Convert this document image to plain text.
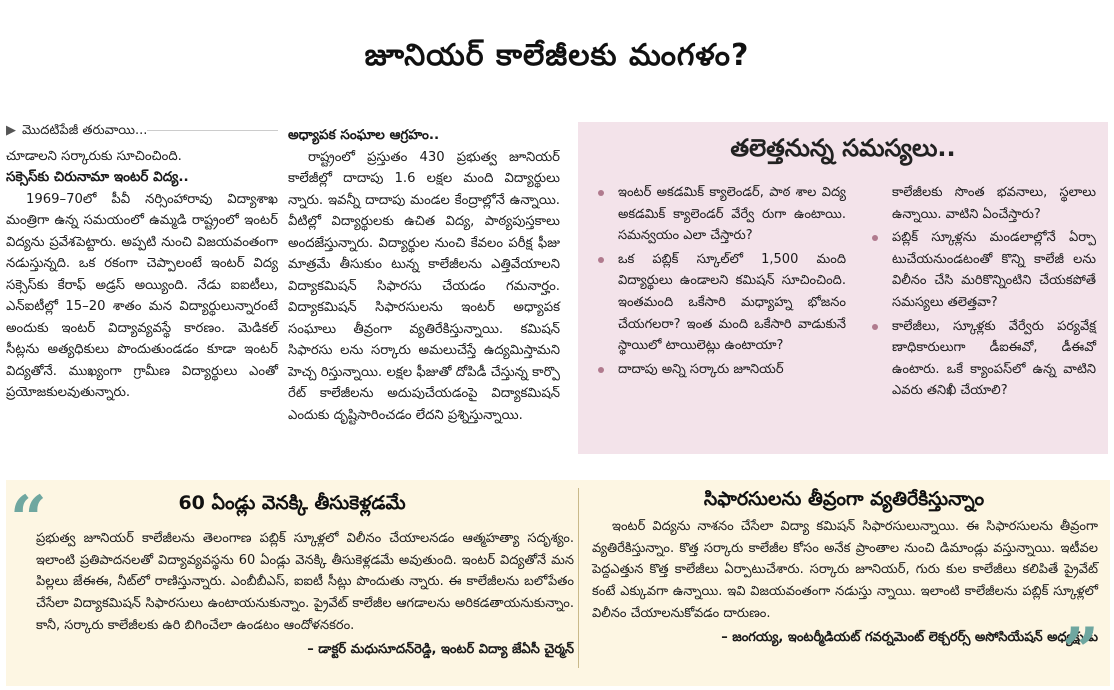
జూనియర్ కాలేజీలకు మంగళం?
▶ మొదటిపేజీ తరువాయి...

చూడాలని సర్కారుకు సూచించింది.

సక్సెస్‌కు చిరునామా ఇంటర్ విద్య..

1969–70లో పీవీ నర్సింహారావు విద్యాశాఖ మంత్రిగా ఉన్న సమయంలో ఉమ్మడి రాష్ట్రంలో ఇంటర్ విద్యను ప్రవేశపెట్టారు. అప్పటి నుంచి విజయవంతంగా నడుస్తున్నది. ఒక రకంగా చెప్పాలంటే ఇంటర్ విద్య సక్సెస్‌కు కేరాఫ్ అడ్రస్ అయ్యింది. నేడు ఐఐటీలు, ఎన్ఐటీల్లో 15–20 శాతం మన విద్యార్థులున్నారంటే అందుకు ఇంటర్ విద్యావ్యవస్థే కారణం. మెడికల్ సీట్లను అత్యధికులు పొందుతుండడం కూడా ఇంటర్ విద్యతోనే. ముఖ్యంగా గ్రామీణ విద్యార్థులు ఎంతో ప్రయోజకులవుతున్నారు.

అధ్యాపక సంఘాల ఆగ్రహం..

రాష్ట్రంలో ప్రస్తుతం 430 ప్రభుత్వ జూనియర్ కాలేజీల్లో దాదాపు 1.6 లక్షల మంది విద్యార్థులు న్నారు. ఇవన్నీ దాదాపు మండల కేంద్రాల్లోనే ఉన్నాయి. వీటిల్లో విద్యార్థులకు ఉచిత విద్య, పాఠ్యపుస్తకాలు అందజేస్తున్నారు. విద్యార్థుల నుంచి కేవలం పరీక్ష ఫీజు మాత్రమే తీసుకుం టున్న కాలేజీలను ఎత్తివేయాలని విద్యాకమిషన్ సిఫారసు చేయడం గమనార్హం. విద్యాకమిషన్ సిఫారసులను ఇంటర్ అధ్యాపక సంఘాలు తీవ్రంగా వ్యతిరేకిస్తున్నాయి. కమిషన్ సిఫారసు లను సర్కారు అమలుచేస్తే ఉద్యమిస్తామని హెచ్చ రిస్తున్నాయి. లక్షల ఫీజుతో దోపిడీ చేస్తున్న కార్పొ రేట్ కాలేజీలను అదుపుచేయడంపై విద్యాకమిషన్ ఎందుకు దృష్టిసారించడం లేదని ప్రశ్నిస్తున్నాయి.

తలెత్తనున్న సమస్యలు..
ఇంటర్ అకడమిక్ క్యాలెండర్, పాఠ శాల విద్య అకడమిక్ క్యాలెండర్ వేర్వే రుగా ఉంటాయి. సమన్వయం ఎలా చేస్తారు?
ఒక పబ్లిక్ స్కూల్‌లో 1,500 మంది విద్యార్థులు ఉండాలని కమిషన్ సూచించింది. ఇంతమంది ఒకేసారి మధ్యాహ్న భోజనం చేయగలరా? ఇంత మంది ఒకేసారి వాడుకునే స్థాయిలో టాయిలెట్లు ఉంటాయా?
దాదాపు అన్ని సర్కారు జూనియర్
కాలేజీలకు సొంత భవనాలు, స్థలాలు ఉన్నాయి. వాటిని ఏంచేస్తారు?
పబ్లిక్ స్కూళ్లను మండలాల్లోనే ఏర్పా టుచేయనుండటంతో కొన్ని కాలేజీ లను విలీనం చేసి మరికొన్నింటిని చేయకపోతే సమస్యలు తలెత్తవా?
కాలేజీలు, స్కూళ్లకు వేర్వేరు పర్యవేక్ష ణాధికారులుగా డీఐఈవో, డీఈవో ఉంటారు. ఒకే క్యాంపస్‌లో ఉన్న వాటిని ఎవరు తనిఖీ చేయాలి?
“	60 ఏండ్లు వెనక్కి తీసుకెళ్లడమే

ప్రభుత్వ జూనియర్ కాలేజీలను తెలంగాణ పబ్లిక్ స్కూళ్లలో విలీనం చేయాలనడం ఆత్మహత్యా సదృశ్యం. ఇలాంటి ప్రతిపాదనలతో విద్యావ్యవస్థను 60 ఏండ్లు వెనక్కి తీసుకెళ్లడమే అవుతుంది. ఇంటర్ విద్యతోనే మన పిల్లలు జేఈఈ, నీట్‌లో రాణిస్తున్నారు. ఎంబీబీఎస్, ఐఐటీ సీట్లు పొందుతు న్నారు. ఈ కాలేజీలను బలోపేతం చేసేలా విద్యాకమిషన్ సిఫారసులు ఉంటాయనుకున్నాం. ప్రైవేట్ కాలేజీల ఆగడాలను అరికడతాయనుకున్నాం. కానీ, సర్కారు కాలేజీలకు ఉరి బిగించేలా ఉండటం ఆందోళనకరం.

– డాక్టర్ మధుసూదన్‌రెడ్డి, ఇంటర్ విద్యా జేఏసీ చైర్మన్

సిఫారసులను తీవ్రంగా వ్యతిరేకిస్తున్నాం

ఇంటర్ విద్యను నాశనం చేసేలా విద్యా కమిషన్ సిఫారసులున్నాయి. ఈ సిఫారసులను తీవ్రంగా వ్యతిరేకిస్తున్నాం. కొత్త సర్కారు కాలేజీల కోసం అనేక ప్రాంతాల నుంచి డిమాండ్లు వస్తున్నాయి. ఇటీవల పెద్దఎత్తున కొత్త కాలేజీలు ఏర్పాటుచేశారు. సర్కారు జూనియర్, గురు కుల కాలేజీలు కలిపితే ప్రైవేట్ కంటే ఎక్కువగా ఉన్నాయి. ఇవి విజయవంతంగా నడుస్తు న్నాయి. ఇలాంటి కాలేజీలను పబ్లిక్ స్కూళ్లలో విలీనం చేయాలనుకోవడం దారుణం.

– జంగయ్య, ఇంటర్మీడియట్ గవర్నమెంట్ లెక్చరర్స్ అసోసియేషన్ అధ్యక్షుడు

”
